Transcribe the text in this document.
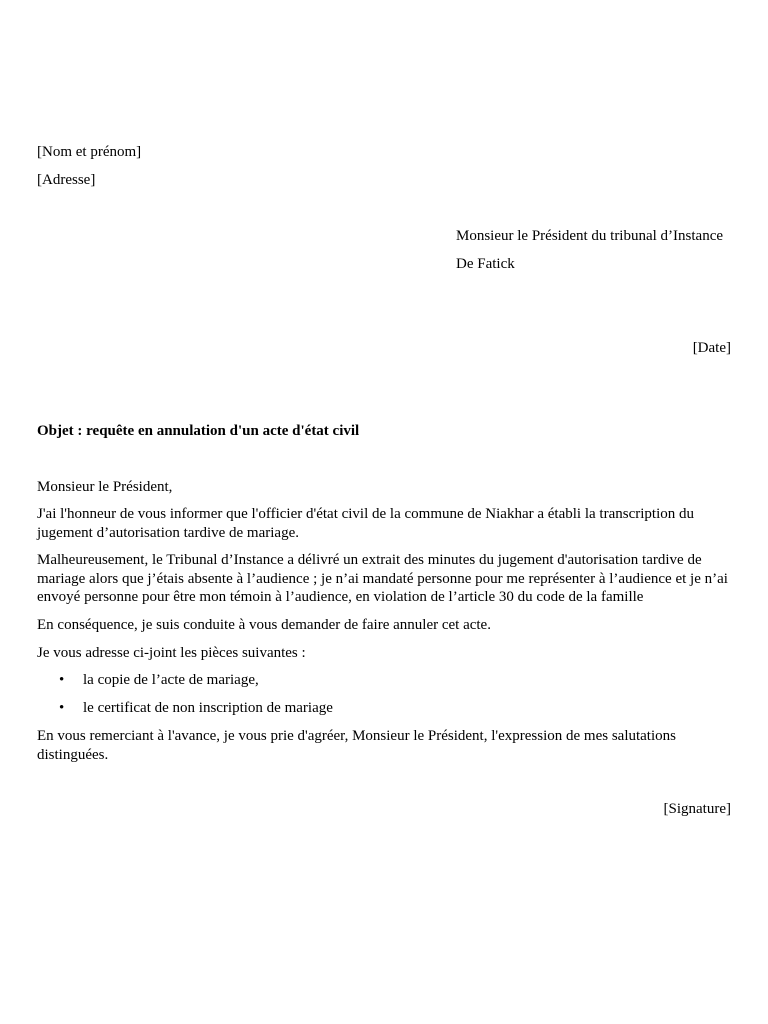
[Nom et prénom]
[Adresse]
Monsieur le Président du tribunal d’Instance
De Fatick
[Date]
Objet : requête en annulation d'un acte d'état civil
Monsieur le Président,

J'ai l'honneur de vous informer que l'officier d'état civil de la commune de Niakhar a établi la transcription du jugement d’autorisation tardive de mariage.

Malheureusement, le Tribunal d’Instance a délivré un extrait des minutes du jugement d'autorisation tardive de mariage alors que j’étais absente à l’audience ; je n’ai mandaté personne pour me représenter à l’audience et je n’ai envoyé personne pour être mon témoin à l’audience, en violation de l’article 30 du code de la famille

En conséquence, je suis conduite à vous demander de faire annuler cet acte.

Je vous adresse ci-joint les pièces suivantes :

• la copie de l’acte de mariage,
• le certificat de non inscription de mariage

En vous remerciant à l'avance, je vous prie d'agréer, Monsieur le Président, l'expression de mes salutations distinguées.

[Signature]
